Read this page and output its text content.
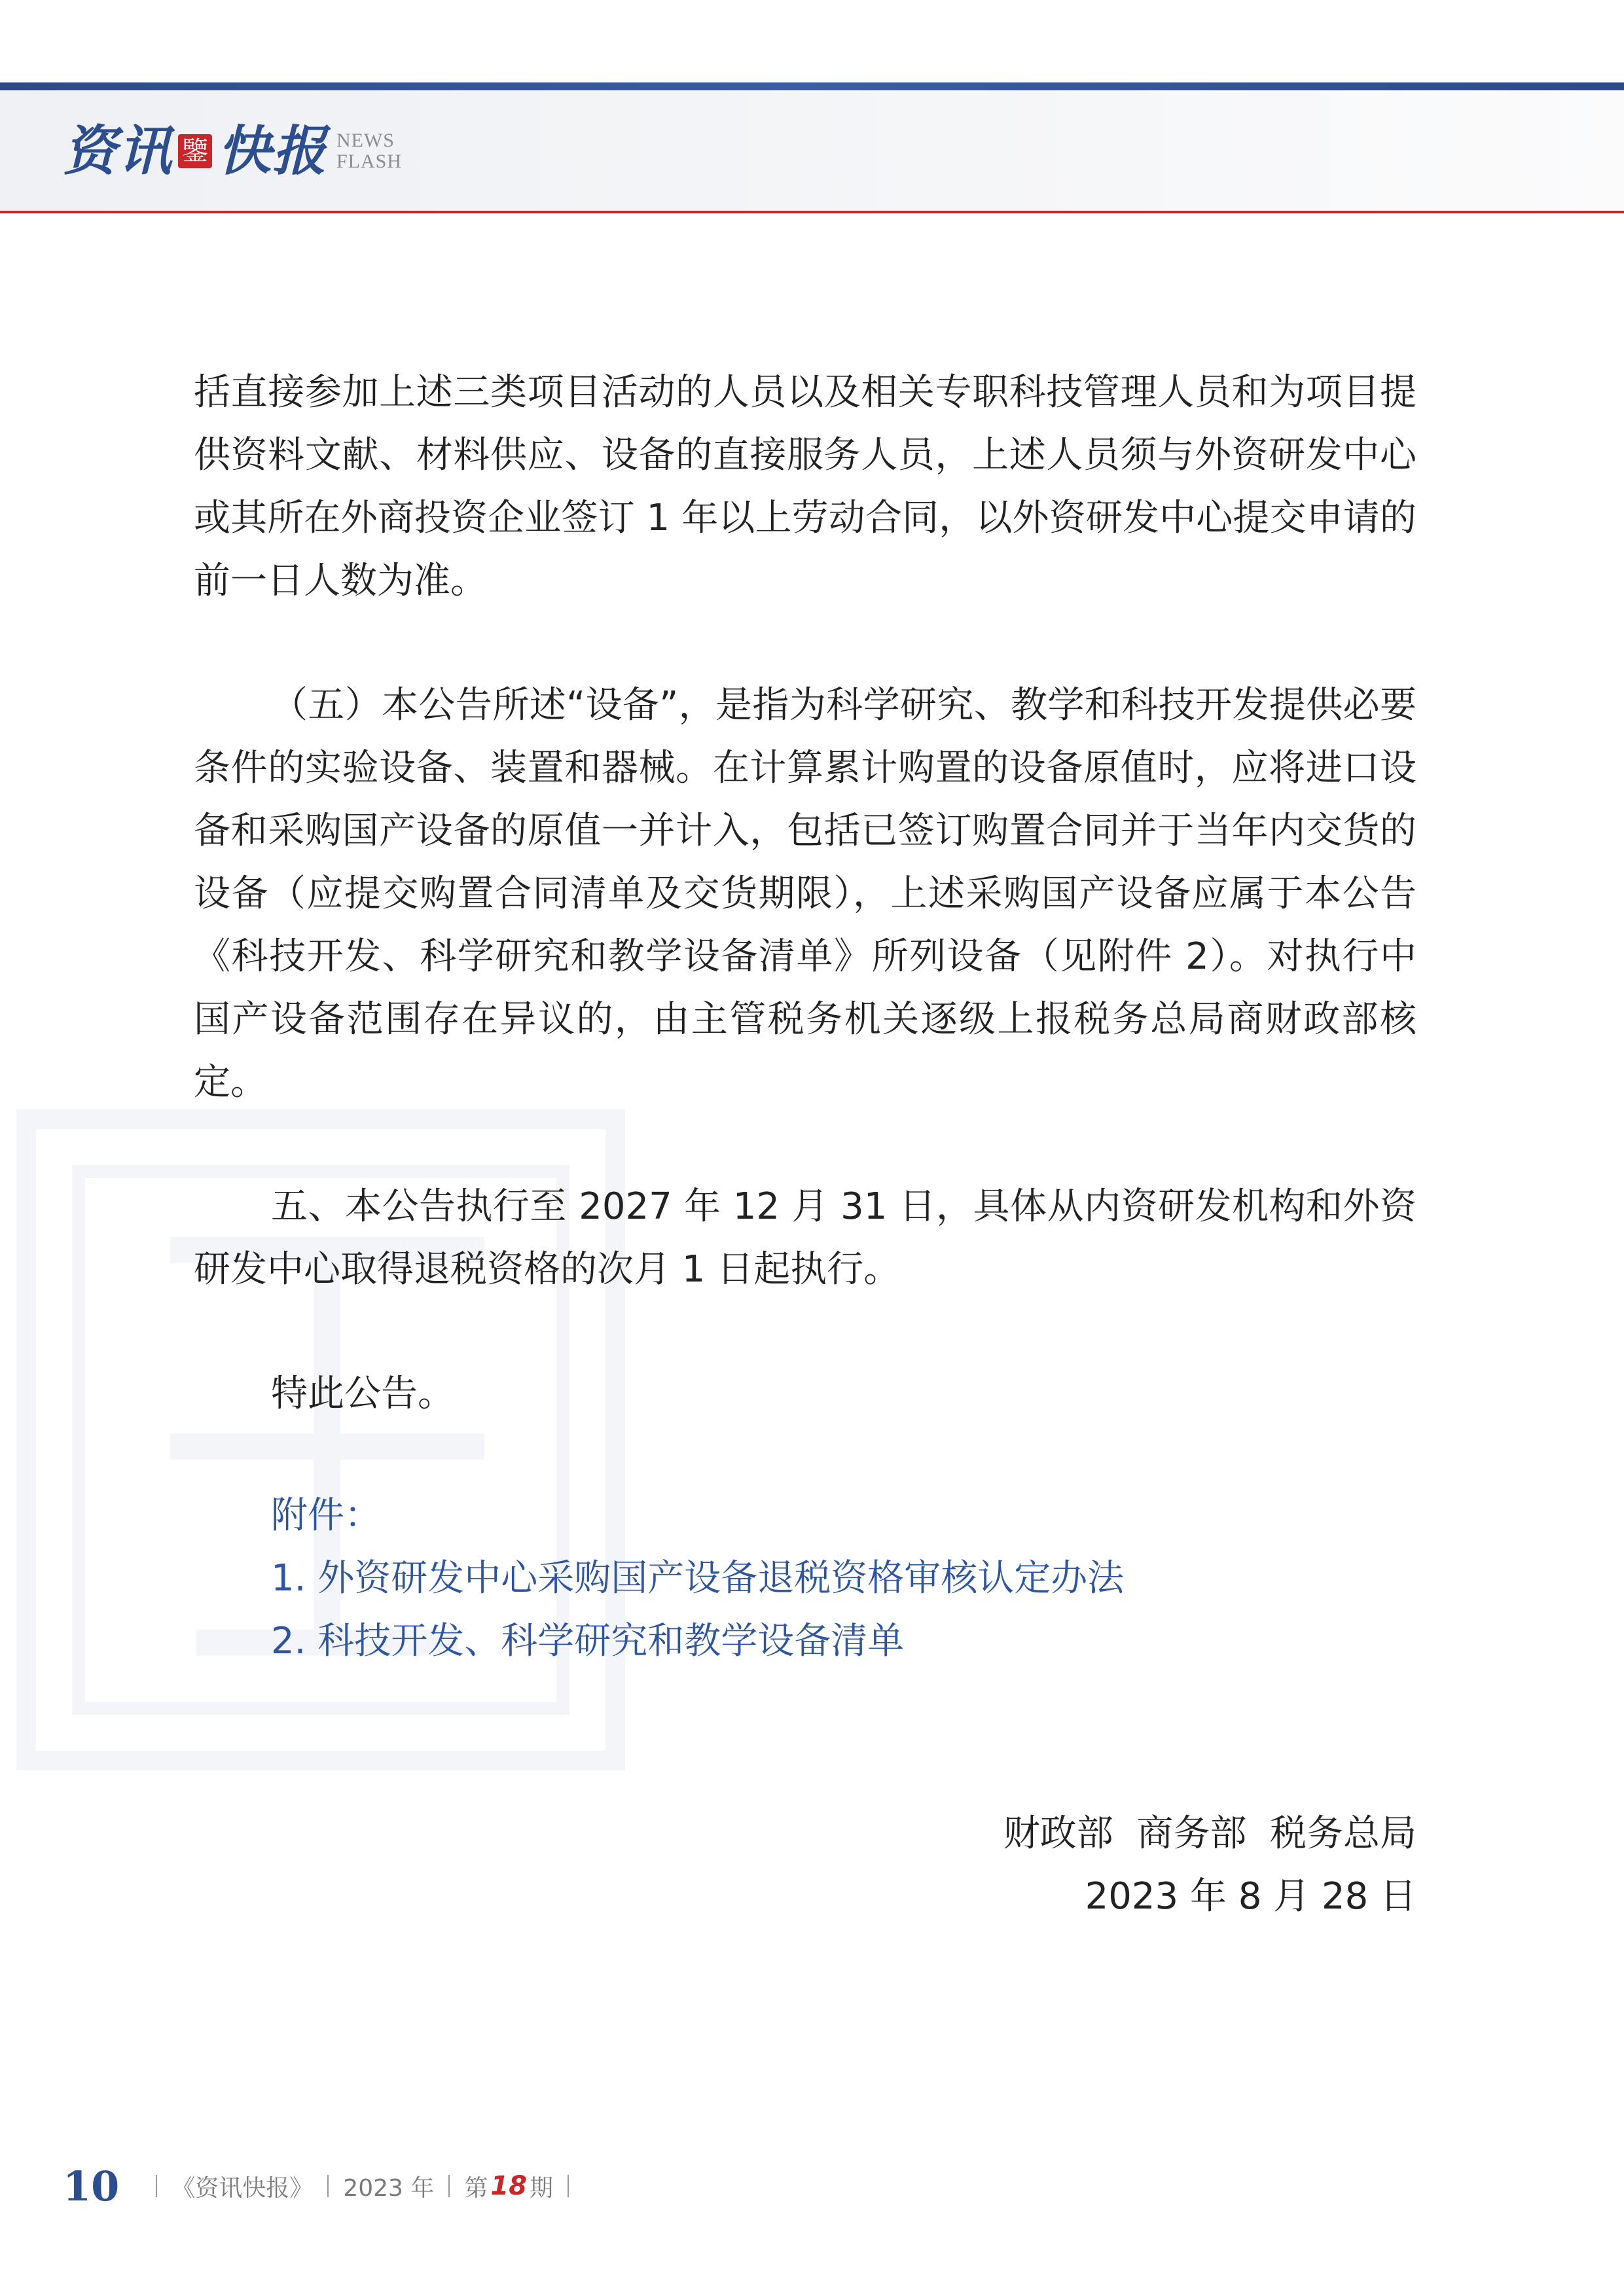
资讯 鑒 快报 NEWS
FLASH

括直接参加上述三类项目活动的人员以及相关专职科技管理人员和为项目提供资料文献、材料供应、设备的直接服务人员，上述人员须与外资研发中心或其所在外商投资企业签订 1 年以上劳动合同，以外资研发中心提交申请的前一日人数为准。

（五）本公告所述“设备”，是指为科学研究、教学和科技开发提供必要条件的实验设备、装置和器械。在计算累计购置的设备原值时，应将进口设备和采购国产设备的原值一并计入，包括已签订购置合同并于当年内交货的设备（应提交购置合同清单及交货期限），上述采购国产设备应属于本公告《科技开发、科学研究和教学设备清单》所列设备（见附件 2）。对执行中国产设备范围存在异议的，由主管税务机关逐级上报税务总局商财政部核定。

五、本公告执行至 2027 年 12 月 31 日，具体从内资研发机构和外资研发中心取得退税资格的次月 1 日起执行。

特此公告。

附件：
1. 外资研发中心采购国产设备退税资格审核认定办法
2. 科技开发、科学研究和教学设备清单
财政部  商务部  税务总局
2023 年 8 月 28 日
10 《资讯快报》 2023 年 第 18 期
